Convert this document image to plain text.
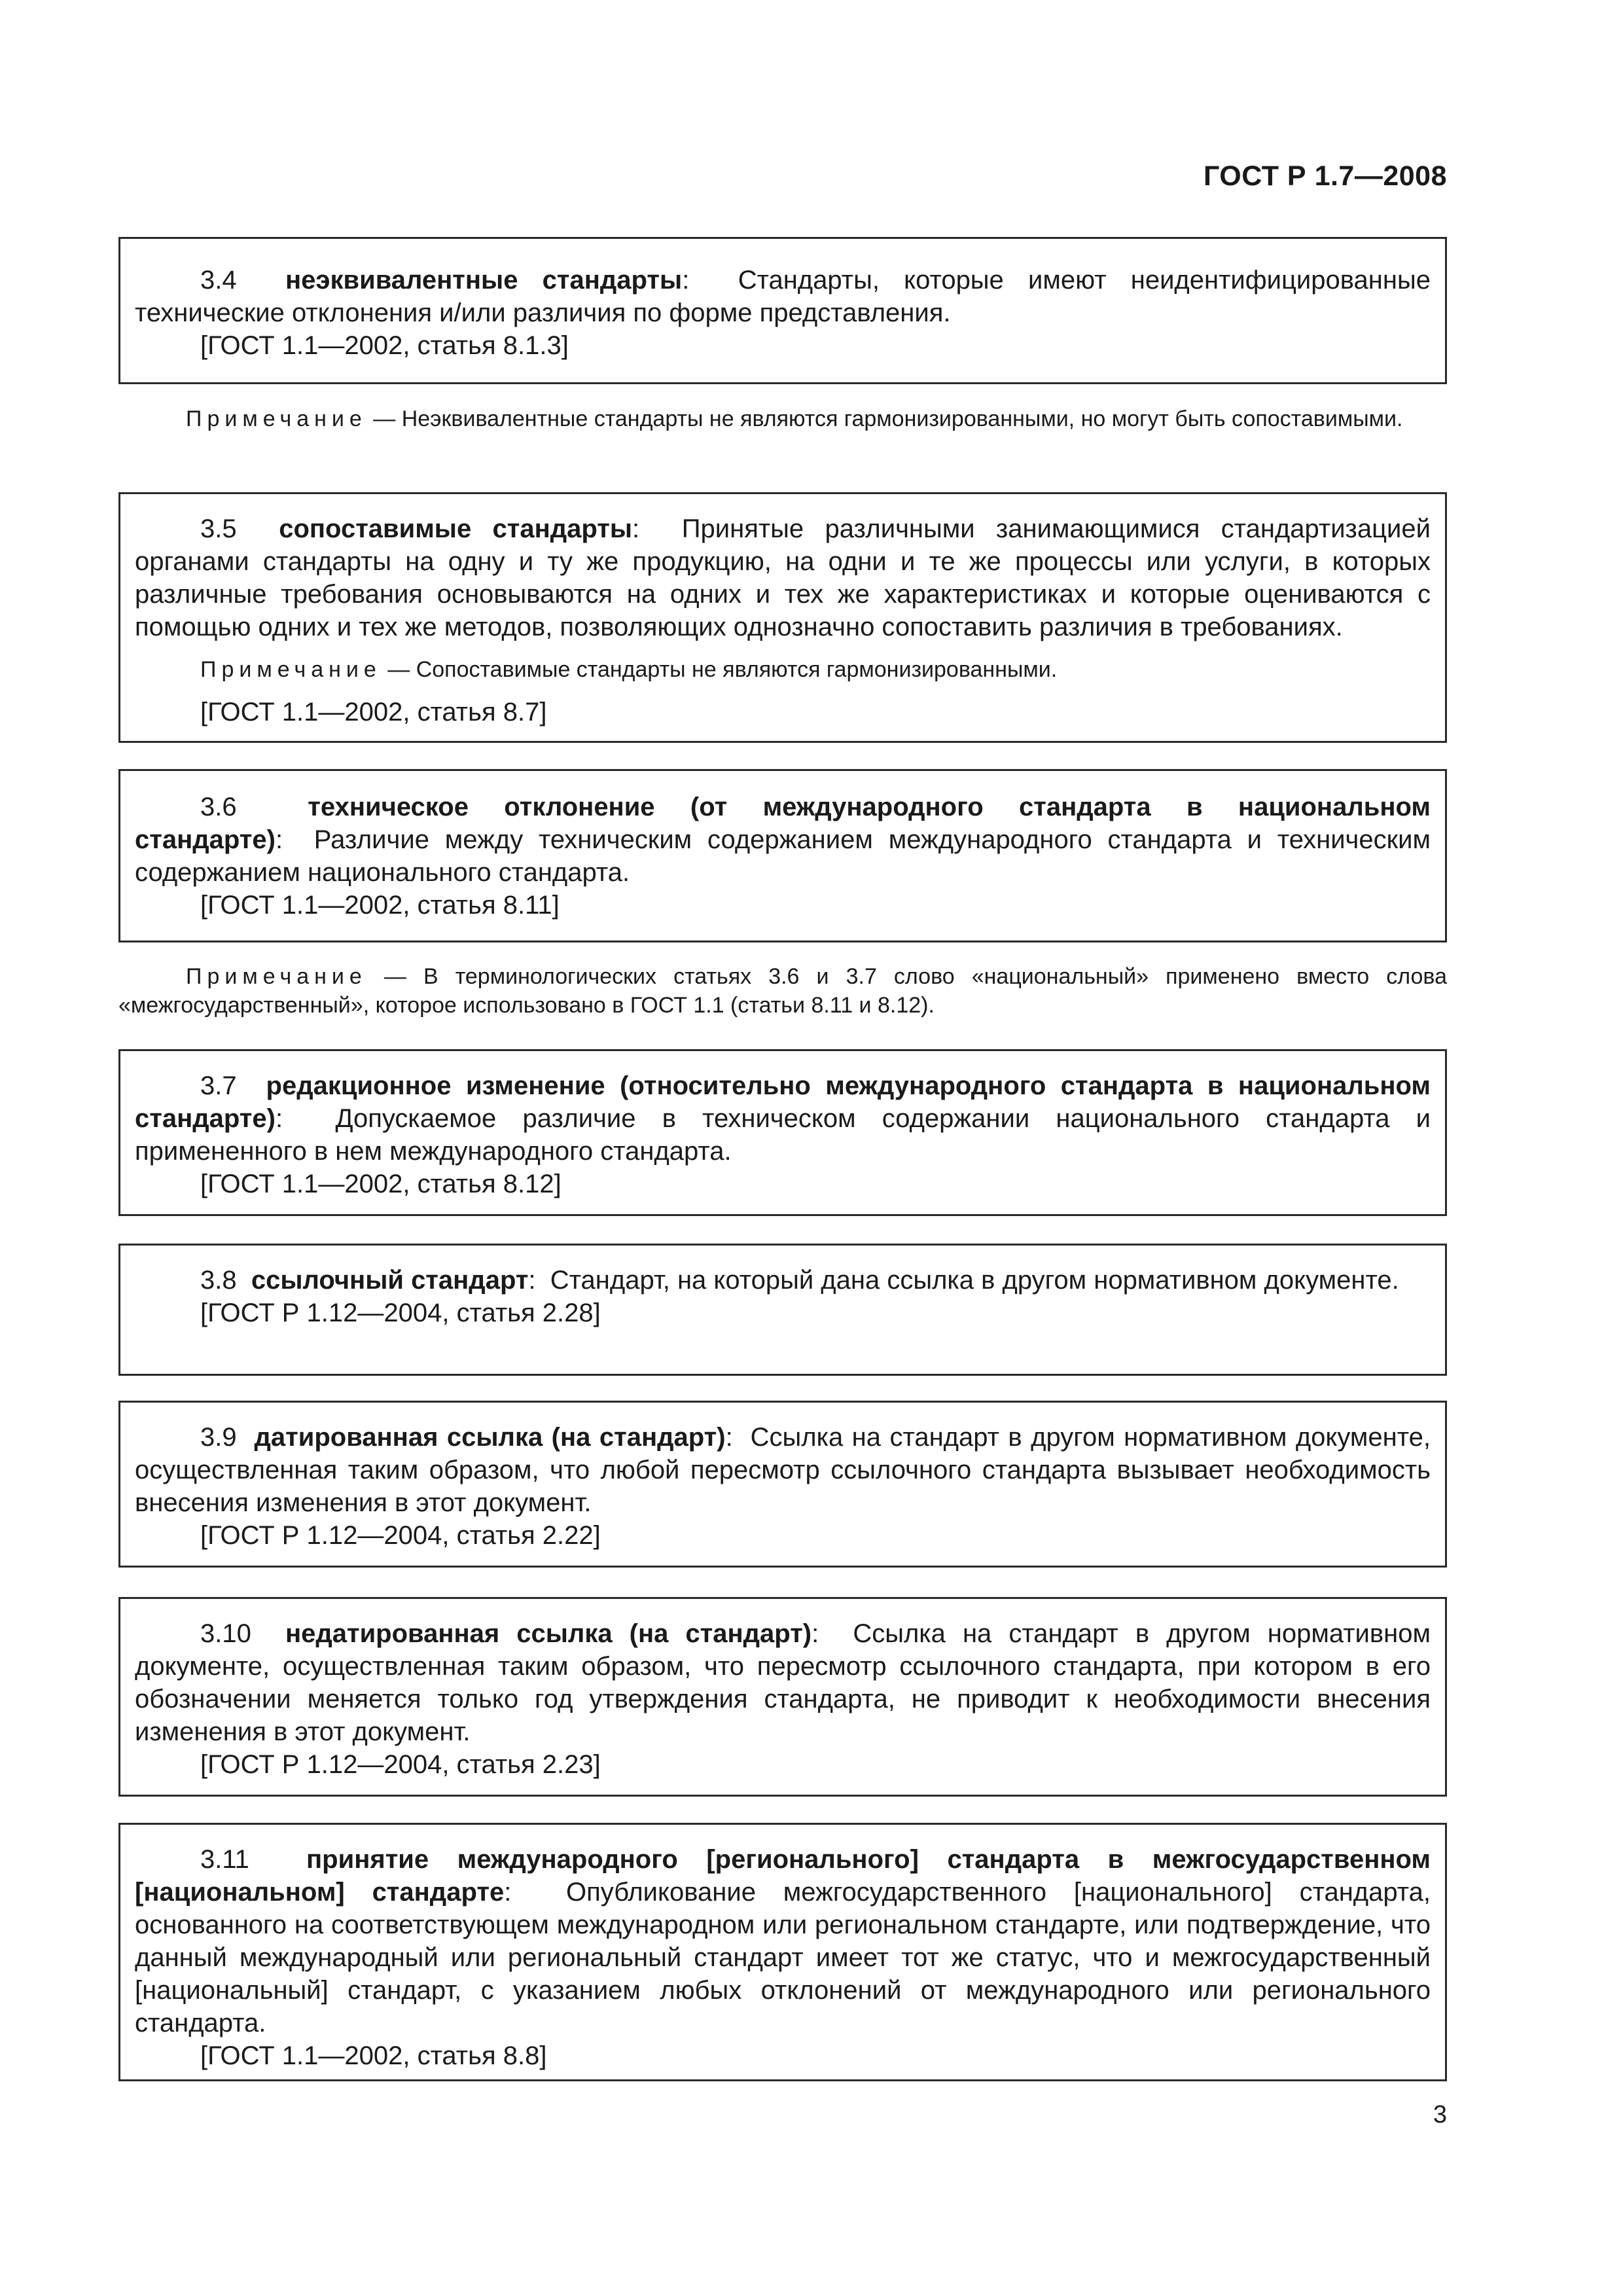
ГОСТ Р 1.7—2008
3.4 неэквивалентные стандарты: Стандарты, которые имеют неидентифицированные технические отклонения и/или различия по форме представления.
[ГОСТ 1.1—2002, статья 8.1.3]
Примечание — Неэквивалентные стандарты не являются гармонизированными, но могут быть сопоставимыми.
3.5 сопоставимые стандарты: Принятые различными занимающимися стандартизацией органами стандарты на одну и ту же продукцию, на одни и те же процессы или услуги, в которых различные требования основываются на одних и тех же характеристиках и которые оцениваются с помощью одних и тех же методов, позволяющих однозначно сопоставить различия в требованиях.
Примечание — Сопоставимые стандарты не являются гармонизированными.
[ГОСТ 1.1—2002, статья 8.7]
3.6	техническое отклонение (от международного стандарта в национальном стандарте): Различие между техническим содержанием международного стандарта и техническим содержанием национального стандарта.
[ГОСТ 1.1—2002, статья 8.11]
Примечание — В терминологических статьях 3.6 и 3.7 слово «национальный» применено вместо слова «межгосударственный», которое использовано в ГОСТ 1.1 (статьи 8.11 и 8.12).
3.7 редакционное изменение (относительно международного стандарта в национальном стандарте): Допускаемое различие в техническом содержании национального стандарта и примененного в нем международного стандарта.
[ГОСТ 1.1—2002, статья 8.12]
3.8 ссылочный стандарт: Стандарт, на который дана ссылка в другом нормативном документе.
[ГОСТ Р 1.12—2004, статья 2.28]
3.9 датированная ссылка (на стандарт): Ссылка на стандарт в другом нормативном документе, осуществленная таким образом, что любой пересмотр ссылочного стандарта вызывает необходимость внесения изменения в этот документ.
[ГОСТ Р 1.12—2004, статья 2.22]
3.10 недатированная ссылка (на стандарт): Ссылка на стандарт в другом нормативном документе, осуществленная таким образом, что пересмотр ссылочного стандарта, при котором в его обозначении меняется только год утверждения стандарта, не приводит к необходимости внесения изменения в этот документ.
[ГОСТ Р 1.12—2004, статья 2.23]
3.11 принятие международного [регионального] стандарта в межгосударственном [национальном] стандарте: Опубликование межгосударственного [национального] стандарта, основанного на соответствующем международном или региональном стандарте, или подтверждение, что данный международный или региональный стандарт имеет тот же статус, что и межгосударственный [национальный] стандарт, с указанием любых отклонений от международного или регионального стандарта.
[ГОСТ 1.1—2002, статья 8.8]
3
